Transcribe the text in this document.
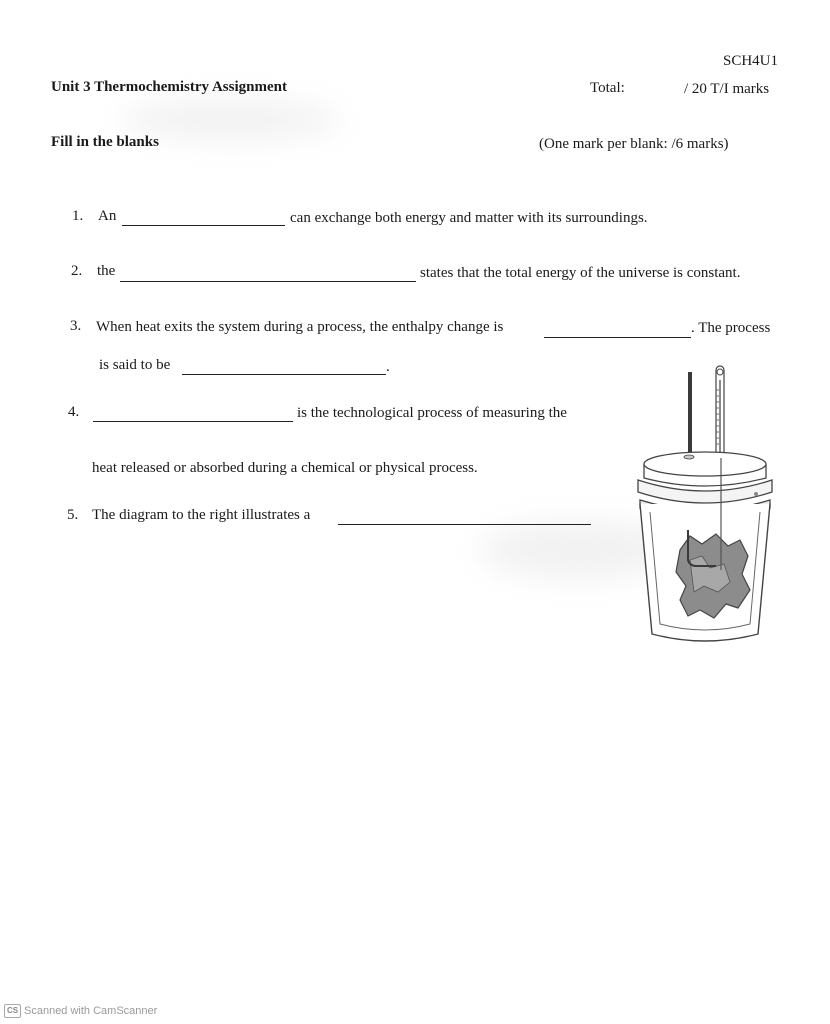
SCH4U1
Unit 3 Thermochemistry Assignment	Total:	/ 20 T/I marks
Fill in the blanks	(One mark per blank: /6 marks)
1. An	can exchange both energy and matter with its surroundings.
2. the	states that the total energy of the universe is constant.
3. When heat exits the system during a process, the enthalpy change is	. The process
is said to be	.
4.	is the technological process of measuring the
heat released or absorbed during a chemical or physical process.
5. The diagram to the right illustrates a
CS Scanned with CamScanner
